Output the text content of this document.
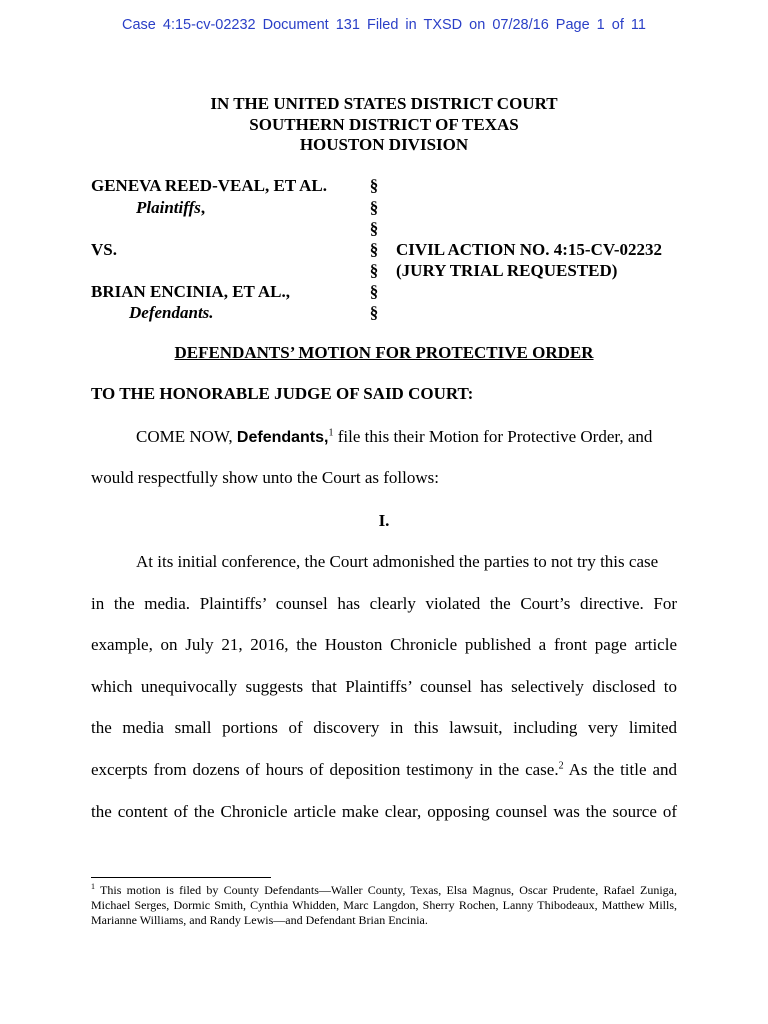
Case 4:15-cv-02232 Document 131 Filed in TXSD on 07/28/16 Page 1 of 11
IN THE UNITED STATES DISTRICT COURT
SOUTHERN DISTRICT OF TEXAS
HOUSTON DIVISION
GENEVA REED-VEAL, ET AL.
Plaintiffs,
VS.
BRIAN ENCINIA, ET AL.,
Defendants.
§
§
§
§
§
§
§
CIVIL ACTION NO. 4:15-CV-02232
(JURY TRIAL REQUESTED)
DEFENDANTS’ MOTION FOR PROTECTIVE ORDER
TO THE HONORABLE JUDGE OF SAID COURT:

COME NOW, Defendants,$^1$ file this their Motion for Protective Order, and

would respectfully show unto the Court as follows:

I.

At its initial conference, the Court admonished the parties to not try this case

in the media. Plaintiffs’ counsel has clearly violated the Court’s directive. For

example, on July 21, 2016, the Houston Chronicle published a front page article

which unequivocally suggests that Plaintiffs’ counsel has selectively disclosed to

the media small portions of discovery in this lawsuit, including very limited

excerpts from dozens of hours of deposition testimony in the case.$^2$ As the title and

the content of the Chronicle article make clear, opposing counsel was the source of

$^1$ This motion is filed by County Defendants—Waller County, Texas, Elsa Magnus, Oscar Prudente, Rafael Zuniga, Michael Serges, Dormic Smith, Cynthia Whidden, Marc Langdon, Sherry Rochen, Lanny Thibodeaux, Matthew Mills, Marianne Williams, and Randy Lewis—and Defendant Brian Encinia.
